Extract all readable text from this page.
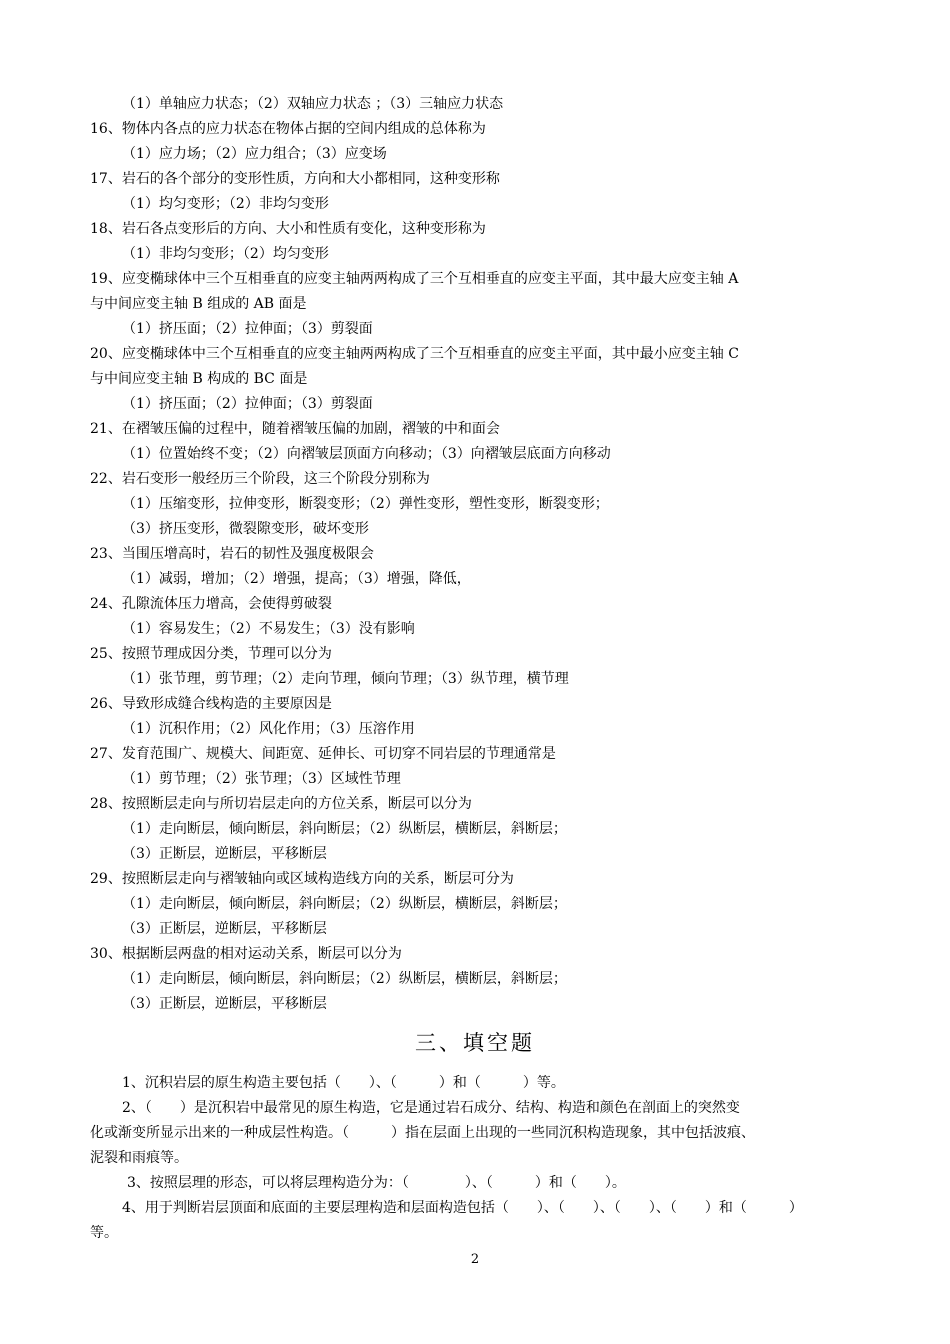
（1）单轴应力状态；（2）双轴应力状态 ；（3）三轴应力状态
16、物体内各点的应力状态在物体占据的空间内组成的总体称为
（1）应力场；（2）应力组合；（3）应变场
17、岩石的各个部分的变形性质，方向和大小都相同，这种变形称
（1）均匀变形；（2）非均匀变形
18、岩石各点变形后的方向、大小和性质有变化，这种变形称为
（1）非均匀变形；（2）均匀变形
19、应变椭球体中三个互相垂直的应变主轴两两构成了三个互相垂直的应变主平面，其中最大应变主轴 A
与中间应变主轴 B 组成的 AB 面是
（1）挤压面；（2）拉伸面；（3）剪裂面
20、应变椭球体中三个互相垂直的应变主轴两两构成了三个互相垂直的应变主平面，其中最小应变主轴 C
与中间应变主轴 B 构成的 BC 面是
（1）挤压面；（2）拉伸面；（3）剪裂面
21、在褶皱压偏的过程中，随着褶皱压偏的加剧，褶皱的中和面会
（1）位置始终不变；（2）向褶皱层顶面方向移动；（3）向褶皱层底面方向移动
22、岩石变形一般经历三个阶段，这三个阶段分别称为
（1）压缩变形，拉伸变形，断裂变形；（2）弹性变形，塑性变形，断裂变形；
（3）挤压变形，微裂隙变形，破坏变形
23、当围压增高时，岩石的韧性及强度极限会
（1）减弱，增加；（2）增强，提高；（3）增强，降低，
24、孔隙流体压力增高，会使得剪破裂
（1）容易发生；（2）不易发生；（3）没有影响
25、按照节理成因分类，节理可以分为
（1）张节理，剪节理；（2）走向节理，倾向节理；（3）纵节理，横节理
26、导致形成缝合线构造的主要原因是
（1）沉积作用；（2）风化作用；（3）压溶作用
27、发育范围广、规模大、间距宽、延伸长、可切穿不同岩层的节理通常是
（1）剪节理；（2）张节理；（3）区域性节理
28、按照断层走向与所切岩层走向的方位关系，断层可以分为
（1）走向断层，倾向断层，斜向断层；（2）纵断层，横断层，斜断层；
（3）正断层，逆断层，平移断层
29、按照断层走向与褶皱轴向或区域构造线方向的关系，断层可分为
（1）走向断层，倾向断层，斜向断层；（2）纵断层，横断层，斜断层；
（3）正断层，逆断层，平移断层
30、根据断层两盘的相对运动关系，断层可以分为
（1）走向断层，倾向断层，斜向断层；（2）纵断层，横断层，斜断层；
（3）正断层，逆断层，平移断层
三、填空题
1、沉积岩层的原生构造主要包括（　　）、（　　　）和（　　　）等。
2、（　　）是沉积岩中最常见的原生构造，它是通过岩石成分、结构、构造和颜色在剖面上的突然变
化或渐变所显示出来的一种成层性构造。（　　　）指在层面上出现的一些同沉积构造现象，其中包括波痕、
泥裂和雨痕等。
3、按照层理的形态，可以将层理构造分为：（　　　　）、（　　　）和（　　）。
4、用于判断岩层顶面和底面的主要层理构造和层面构造包括（　　）、（　　）、（　　）、（　　）和（　　　）
等。
2
